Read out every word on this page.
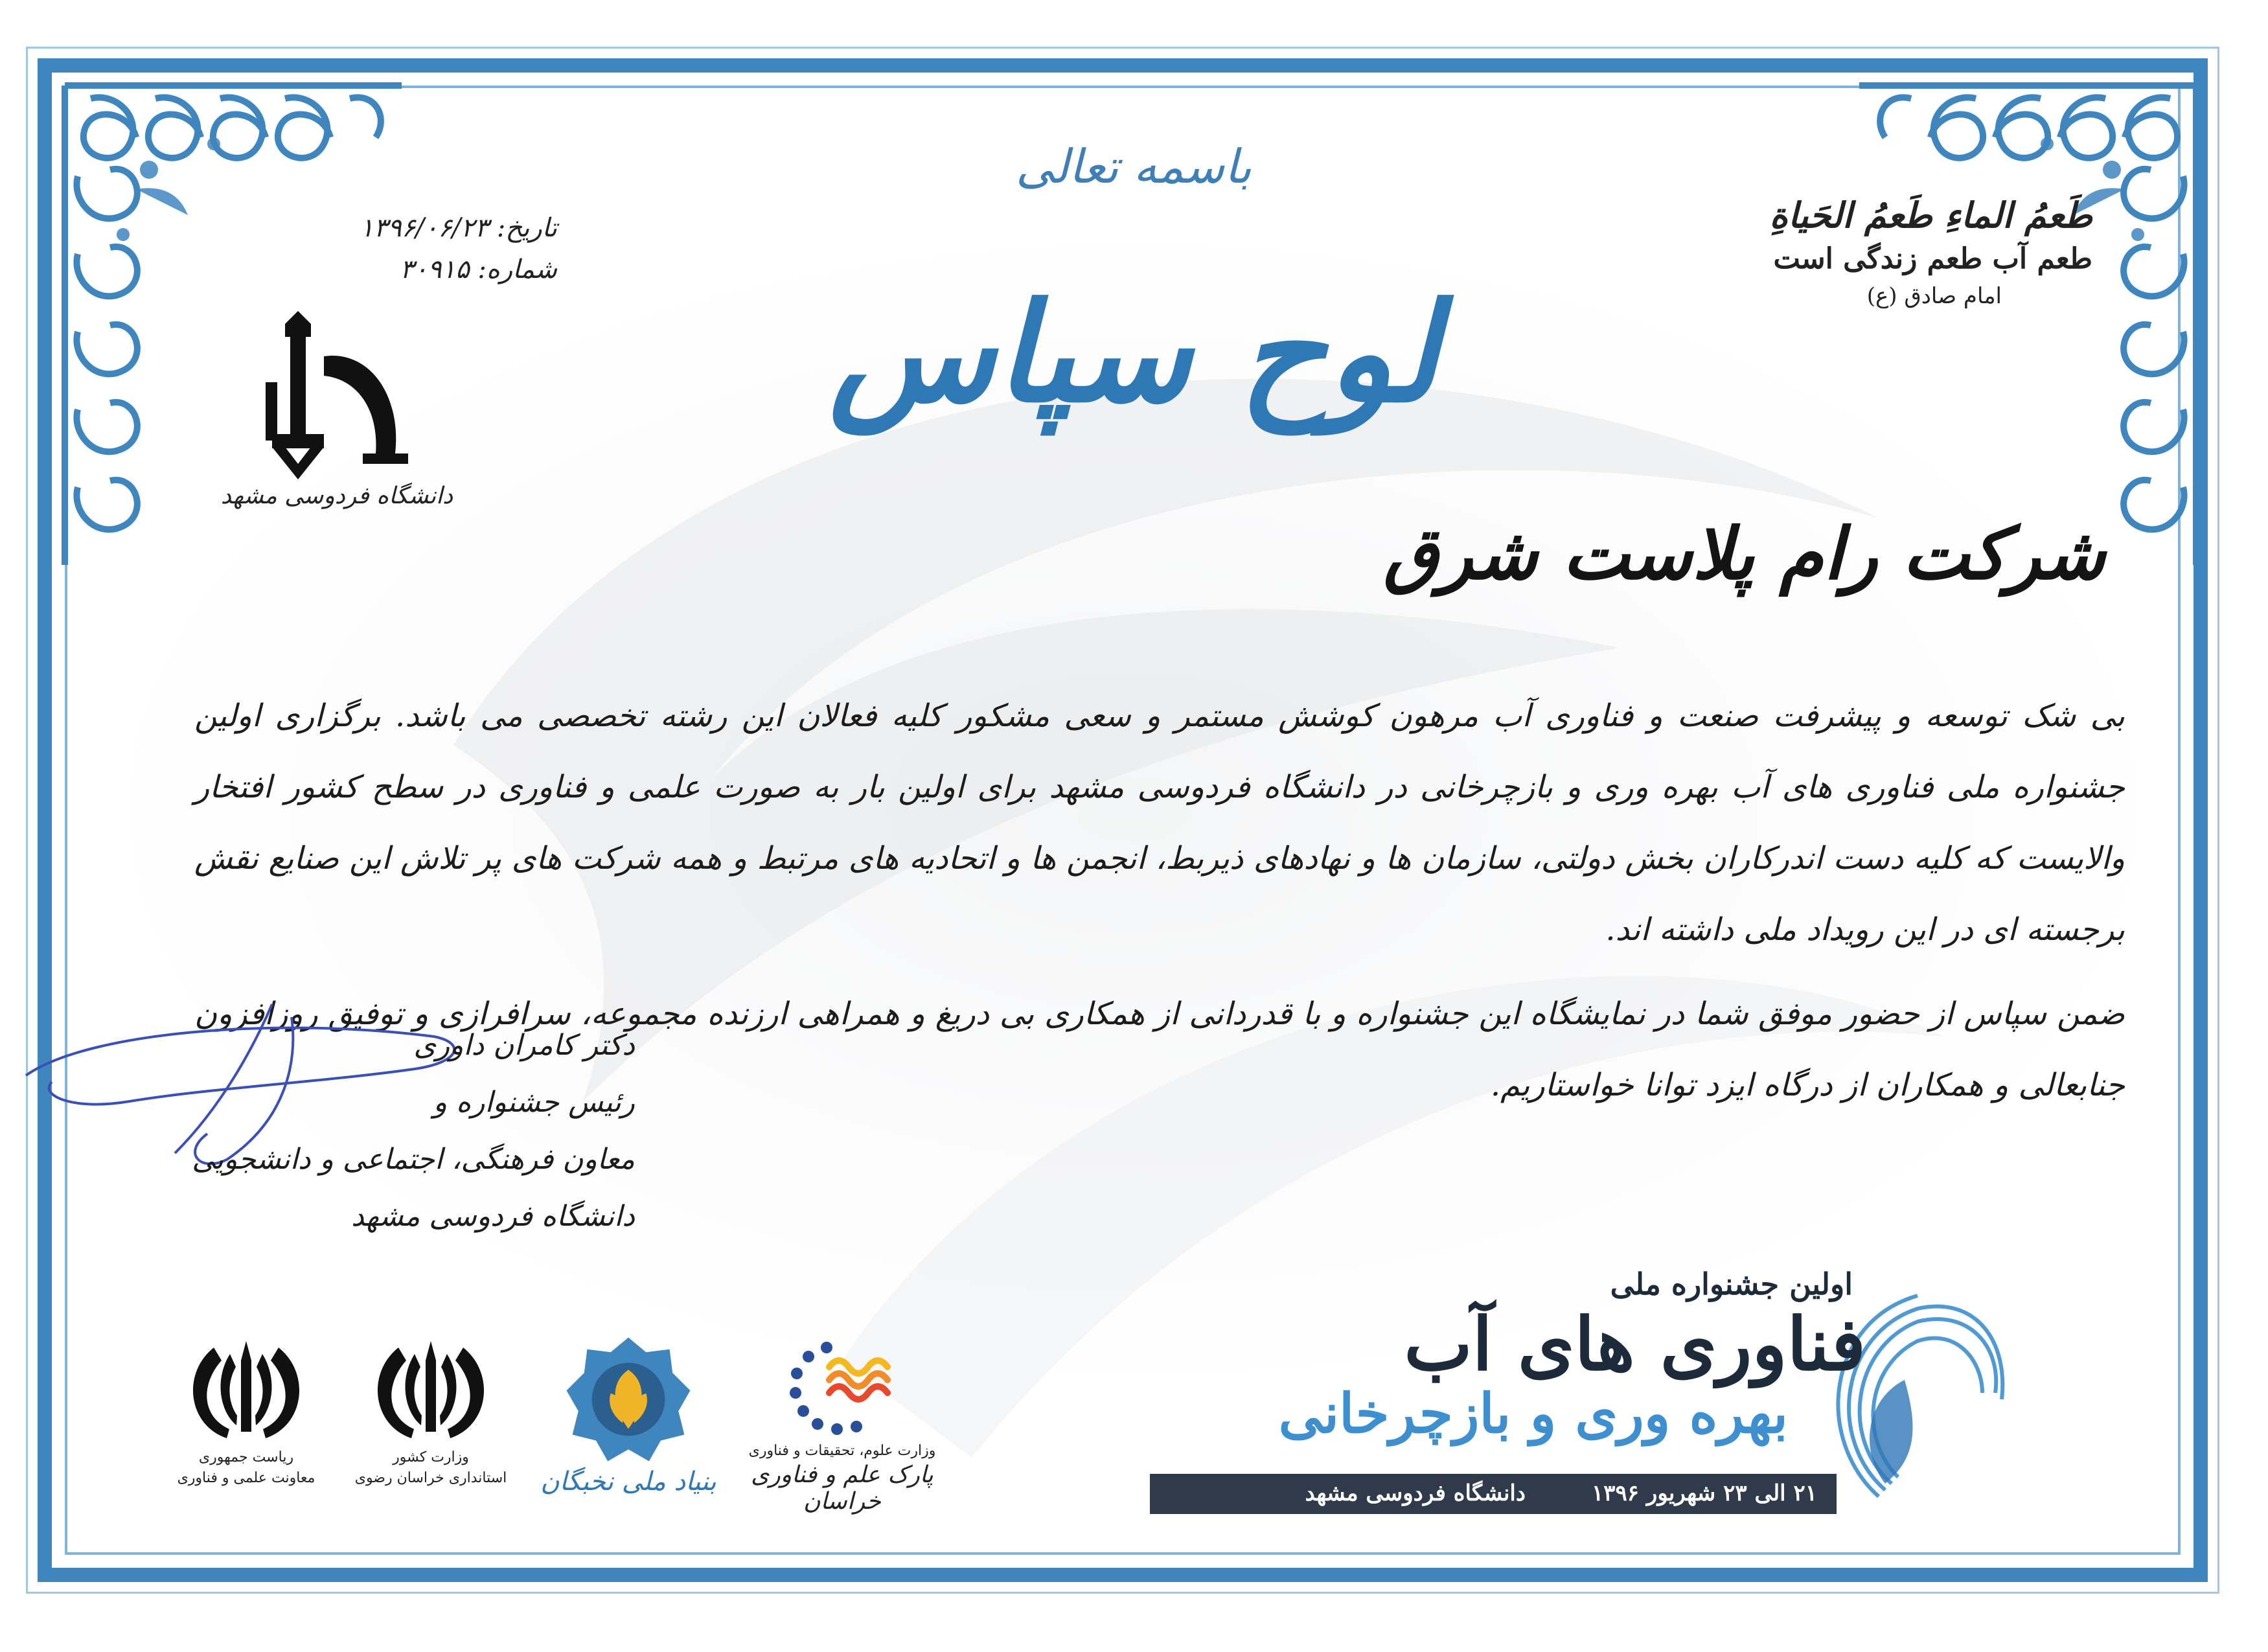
باسمه تعالی
لوح سپاس
تاریخ: ۱۳۹۶/۰۶/۲۳
شماره: ۳۰۹۱۵
طَعمُ الماءِ طَعمُ الحَیاةِ
طعم آب طعم زندگی است
امام صادق (ع)
دانشگاه فردوسی مشهد
شرکت رام پلاست شرق

بی شک توسعه و پیشرفت صنعت و فناوری آب مرهون کوشش مستمر و سعی مشکور کلیه فعالان این رشته تخصصی می باشد. برگزاری اولین جشنواره ملی فناوری های آب بهره وری و بازچرخانی در دانشگاه فردوسی مشهد برای اولین بار به صورت علمی و فناوری در سطح کشور افتخار والایست که کلیه دست اندرکاران بخش دولتی، سازمان ها و نهادهای ذیربط، انجمن ها و اتحادیه های مرتبط و همه شرکت های پر تلاش این صنایع نقش برجسته ای در این رویداد ملی داشته اند.

ضمن سپاس از حضور موفق شما در نمایشگاه این جشنواره و با قدردانی از همکاری بی دریغ و همراهی ارزنده مجموعه، سرافرازی و توفیق روزافزون جنابعالی و همکاران از درگاه ایزد توانا خواستاریم.

دکتر کامران داوری
رئیس جشنواره و
معاون فرهنگی، اجتماعی و دانشجویی دانشگاه فردوسی مشهد
ریاست جمهوری
معاونت علمی و فناوری
وزارت کشور
استانداری خراسان رضوی	بنیاد ملی نخبگان
وزارت علوم، تحقیقات و فناوری
پارک علم و فناوری خراسان
اولین جشنواره ملی
فناوری های آب
بهره وری و بازچرخانی
۲۱ الی ۲۳ شهریور ۱۳۹۶
دانشگاه فردوسی مشهد
